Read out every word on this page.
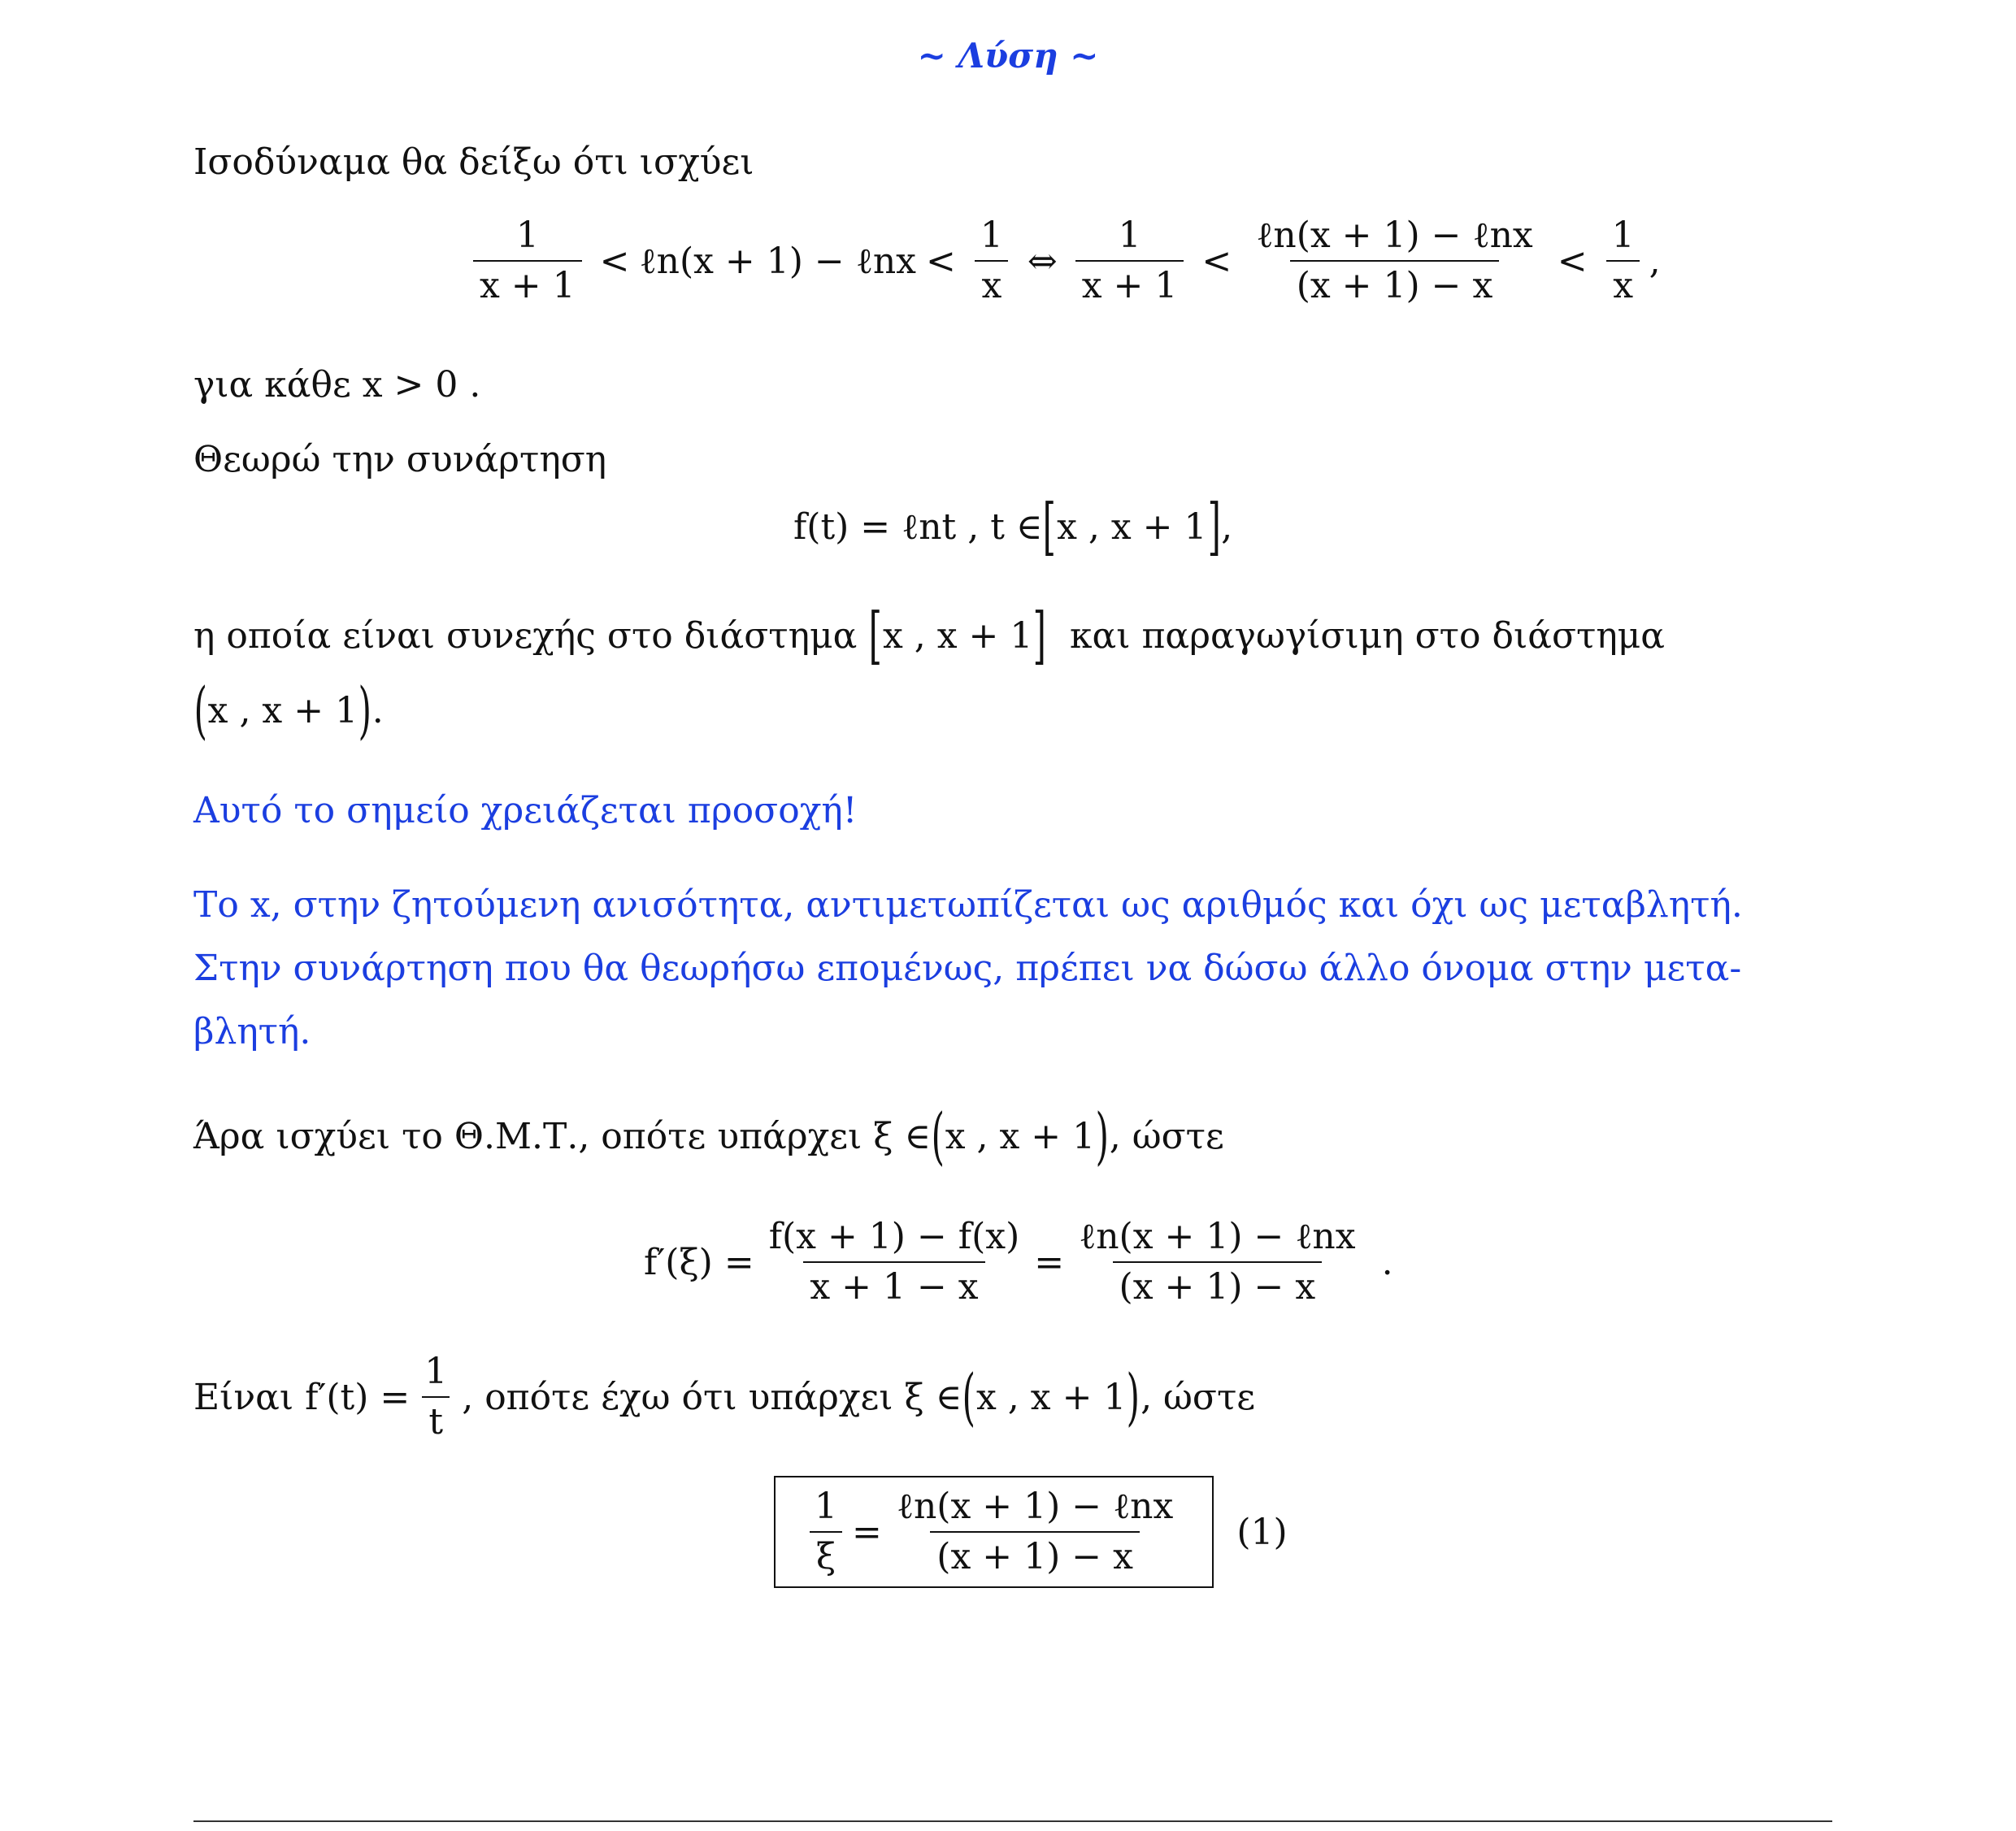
~ Λύση ~
Ισοδύναμα θα δείξω ότι ισχύει
$\frac{1}{x + 1}$ < ℓn(x + 1) − ℓnx < $\frac{1}{x}$ ⇔ $\frac{1}{x + 1} < \frac{\text{ℓn(x + 1) − ℓnx}}{(x + 1) - x} < \frac{1}{x}$ ,
για κάθε x > 0 .
Θεωρώ την συνάρτηση
f(t) = ℓnt , t ∈ [ x , x + 1 ] ,
η οποία είναι συνεχής στο διάστημα [ x , x + 1 ] και παραγωγίσιμη στο διάστημα
( x , x + 1 ) .
Αυτό το σημείο χρειάζεται προσοχή!
Το x, στην ζητούμενη ανισότητα, αντιμετωπίζεται ως αριθμός και όχι ως μεταβλητή.
Στην συνάρτηση που θα θεωρήσω επομένως, πρέπει να δώσω άλλο όνομα στην μετα-
βλητή.
Άρα ισχύει το Θ.Μ.Τ., οπότε υπάρχει ξ ∈ ( x , x + 1 ) , ώστε
$f'(\xi) = \frac{f(x + 1) - f(x)}{x + 1 - x} = \frac{\text{ℓn(x + 1) − ℓnx}}{(x + 1) - x}$ .
Είναι $f'(t) = \frac{1}{t}$ , οπότε έχω ότι υπάρχει ξ ∈ ( x , x + 1 ) , ώστε
$\frac{1}{\xi} = \frac{\text{ℓn(x + 1) − ℓnx}}{(x + 1) - x} (1)$
